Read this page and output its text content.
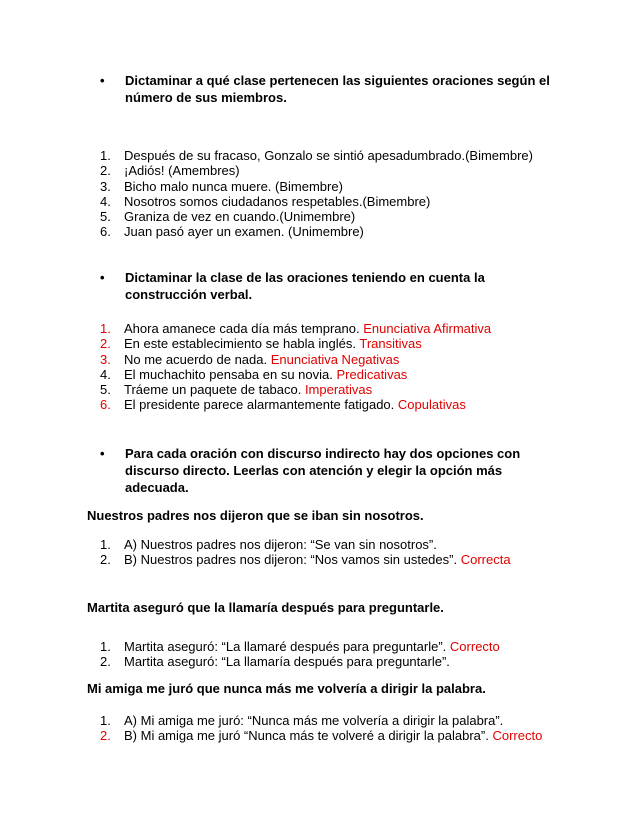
• Dictaminar a qué clase pertenecen las siguientes oraciones según el número de sus miembros.
1.	Después de su fracaso, Gonzalo se sintió apesadumbrado.(Bimembre)
2.	¡Adiós! (Amembres)
3.	Bicho malo nunca muere. (Bimembre)
4.	Nosotros somos ciudadanos respetables.(Bimembre)
5.	Graniza de vez en cuando.(Unimembre)
6.	Juan pasó ayer un examen. (Unimembre)
• Dictaminar la clase de las oraciones teniendo en cuenta la construcción verbal.
1.	Ahora amanece cada día más temprano. Enunciativa Afirmativa
2.	En este establecimiento se habla inglés. Transitivas
3.	No me acuerdo de nada. Enunciativa Negativas
4.	El muchachito pensaba en su novia. Predicativas
5.	Tráeme un paquete de tabaco. Imperativas
6.	El presidente parece alarmantemente fatigado. Copulativas
• Para cada oración con discurso indirecto hay dos opciones con discurso directo. Leerlas con atención y elegir la opción más adecuada.
Nuestros padres nos dijeron que se iban sin nosotros.
1.	A) Nuestros padres nos dijeron: “Se van sin nosotros”.
2.	B) Nuestros padres nos dijeron: “Nos vamos sin ustedes”. Correcta
Martita aseguró que la llamaría después para preguntarle.
1.	Martita aseguró: “La llamaré después para preguntarle”. Correcto
2.	Martita aseguró: “La llamaría después para preguntarle”.
Mi amiga me juró que nunca más me volvería a dirigir la palabra.
1.	A) Mi amiga me juró: “Nunca más me volvería a dirigir la palabra”.
2.	B) Mi amiga me juró “Nunca más te volveré a dirigir la palabra”. Correcto
